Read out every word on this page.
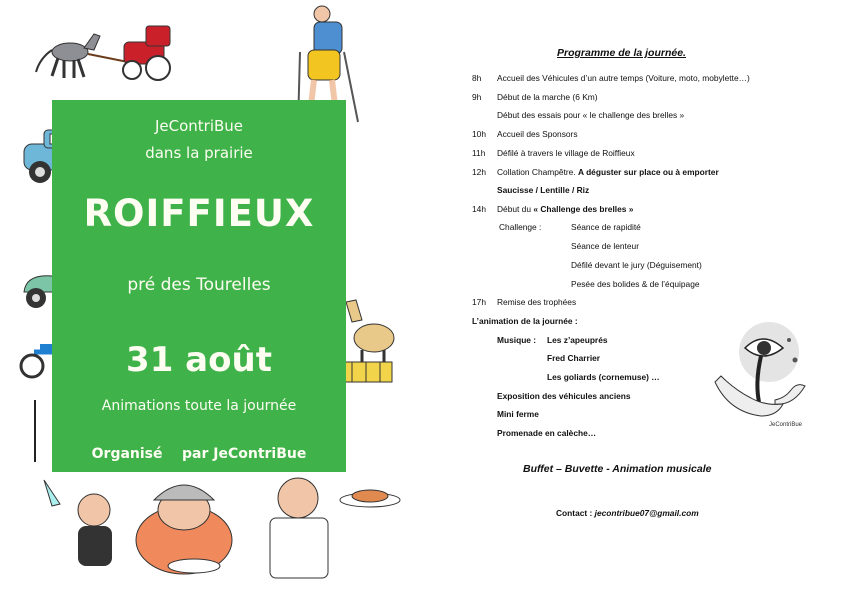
JeContriBue
dans la prairie
ROIFFIEUX
pré des Tourelles
31 août
Animations toute la journée
Organisé par JeContriBue
Programme de la journée.
8h Accueil des Véhicules d’un autre temps (Voiture, moto, mobylette…)
9h Début de la marche (6 Km)
Début des essais pour « le challenge des brelles »
10h Accueil des Sponsors
11h Défilé à travers le village de Roiffieux
12h Collation Champêtre. A déguster sur place ou à emporter
Saucisse / Lentille / Riz
14h Début du « Challenge des brelles »
Challenge :	Séance de rapidité
Séance de lenteur
Défilé devant le jury (Déguisement)
Pesée des bolides & de l’équipage
17h Remise des trophées
L’animation de la journée :
Musique : Les z’apeuprés
Fred Charrier
Les goliards (cornemuse) …
Exposition des véhicules anciens
Mini ferme
Promenade en calèche…
Buffet – Buvette - Animation musicale
Contact : jecontribue07@gmail.com
JeContriBue
